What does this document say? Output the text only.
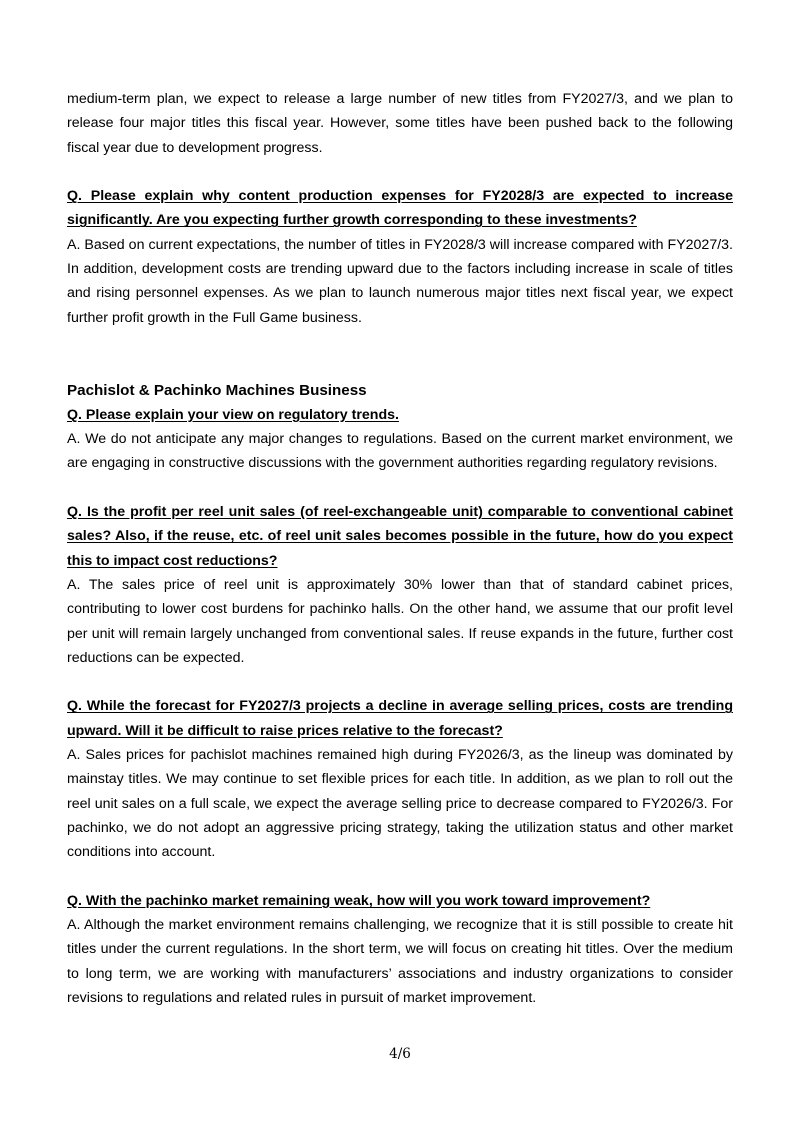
medium-term plan, we expect to release a large number of new titles from FY2027/3, and we plan to release four major titles this fiscal year. However, some titles have been pushed back to the following fiscal year due to development progress.

Q. Please explain why content production expenses for FY2028/3 are expected to increase significantly. Are you expecting further growth corresponding to these investments?

A. Based on current expectations, the number of titles in FY2028/3 will increase compared with FY2027/3. In addition, development costs are trending upward due to the factors including increase in scale of titles and rising personnel expenses. As we plan to launch numerous major titles next fiscal year, we expect further profit growth in the Full Game business.

Pachislot & Pachinko Machines Business

Q. Please explain your view on regulatory trends.

A. We do not anticipate any major changes to regulations. Based on the current market environment, we are engaging in constructive discussions with the government authorities regarding regulatory revisions.

Q. Is the profit per reel unit sales (of reel-exchangeable unit) comparable to conventional cabinet sales? Also, if the reuse, etc. of reel unit sales becomes possible in the future, how do you expect this to impact cost reductions?

A. The sales price of reel unit is approximately 30% lower than that of standard cabinet prices, contributing to lower cost burdens for pachinko halls. On the other hand, we assume that our profit level per unit will remain largely unchanged from conventional sales. If reuse expands in the future, further cost reductions can be expected.

Q. While the forecast for FY2027/3 projects a decline in average selling prices, costs are trending upward. Will it be difficult to raise prices relative to the forecast?

A. Sales prices for pachislot machines remained high during FY2026/3, as the lineup was dominated by mainstay titles. We may continue to set flexible prices for each title. In addition, as we plan to roll out the reel unit sales on a full scale, we expect the average selling price to decrease compared to FY2026/3. For pachinko, we do not adopt an aggressive pricing strategy, taking the utilization status and other market conditions into account.

Q. With the pachinko market remaining weak, how will you work toward improvement?

A. Although the market environment remains challenging, we recognize that it is still possible to create hit titles under the current regulations. In the short term, we will focus on creating hit titles. Over the medium to long term, we are working with manufacturers’ associations and industry organizations to consider revisions to regulations and related rules in pursuit of market improvement.

4/6
